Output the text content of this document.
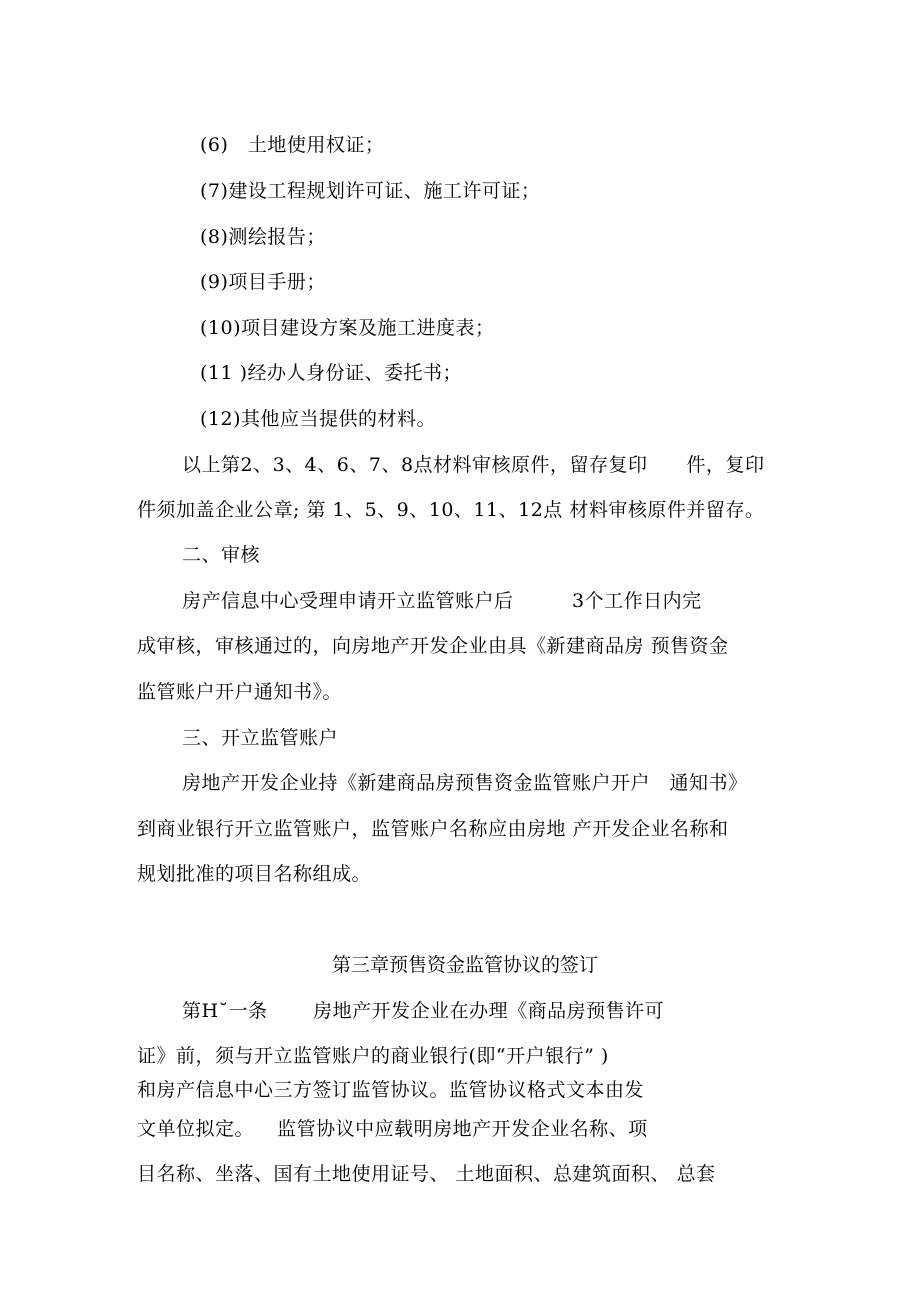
(6)　土地使用权证；
(7)建设工程规划许可证、施工许可证；
(8)测绘报告；
(9)项目手册；
(10)项目建设方案及施工进度表；
(11 )经办人身份证、委托书；
(12)其他应当提供的材料。
以上第2、3、4、6、7、8点材料审核原件，留存复印　　件，复印
件须加盖企业公章; 第 1、5、9、10、11、12点 材料审核原件并留存。
二、审核
房产信息中心受理申请开立监管账户后　　　3个工作日内完
成审核，审核通过的，向房地产开发企业由具《新建商品房 预售资金
监管账户开户通知书》。
三、开立监管账户
房地产开发企业持《新建商品房预售资金监管账户开户　通知书》
到商业银行开立监管账户，监管账户名称应由房地 产开发企业名称和
规划批准的项目名称组成。
第三章预售资金监管协议的签订
第H˘一条　　 房地产开发企业在办理《商品房预售许可
证》前，须与开立监管账户的商业银行(即“开户银行” )
和房产信息中心三方签订监管协议。监管协议格式文本由发
文单位拟定。　  监管协议中应载明房地产开发企业名称、项
目名称、坐落、国有土地使用证号、 土地面积、总建筑面积、 总套
